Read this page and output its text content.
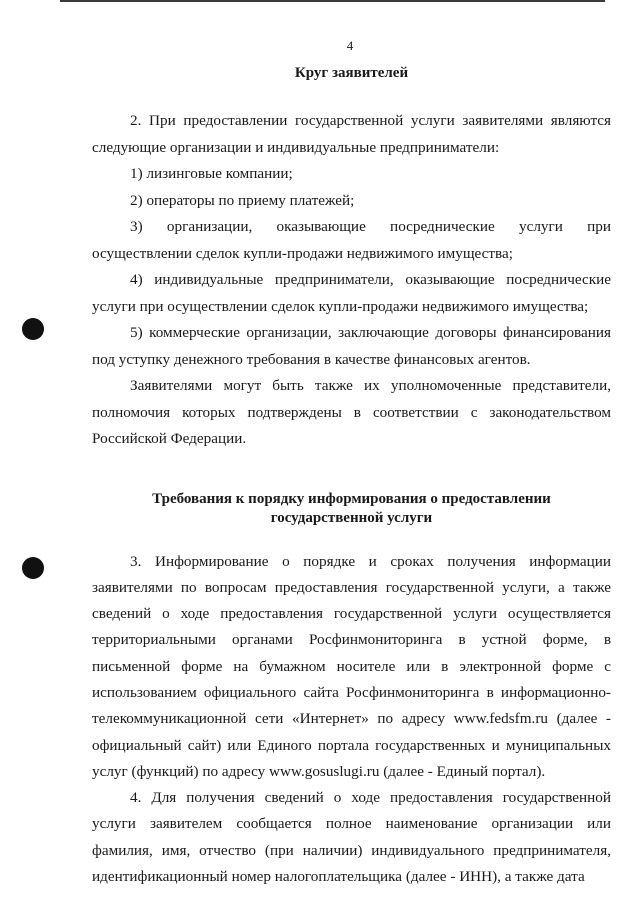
4
Круг заявителей

2. При предоставлении государственной услуги заявителями являются следующие организации и индивидуальные предприниматели:

1) лизинговые компании;

2) операторы по приему платежей;

3) организации, оказывающие посреднические услуги при осуществлении сделок купли-продажи недвижимого имущества;

4) индивидуальные предприниматели, оказывающие посреднические услуги при осуществлении сделок купли-продажи недвижимого имущества;

5) коммерческие организации, заключающие договоры финансирования под уступку денежного требования в качестве финансовых агентов.

Заявителями могут быть также их уполномоченные представители, полномочия которых подтверждены в соответствии с законодательством Российской Федерации.

Требования к порядку информирования о предоставлении
государственной услуги

3. Информирование о порядке и сроках получения информации заявителями по вопросам предоставления государственной услуги, а также сведений о ходе предоставления государственной услуги осуществляется территориальными органами Росфинмониторинга в устной форме, в письменной форме на бумажном носителе или в электронной форме с использованием официального сайта Росфинмониторинга в информационно-телекоммуникационной сети «Интернет» по адресу www.fedsfm.ru (далее - официальный сайт) или Единого портала государственных и муниципальных услуг (функций) по адресу www.gosuslugi.ru (далее - Единый портал).

4. Для получения сведений о ходе предоставления государственной услуги заявителем сообщается полное наименование организации или фамилия, имя, отчество (при наличии) индивидуального предпринимателя, идентификационный номер налогоплательщика (далее - ИНН), а также дата
